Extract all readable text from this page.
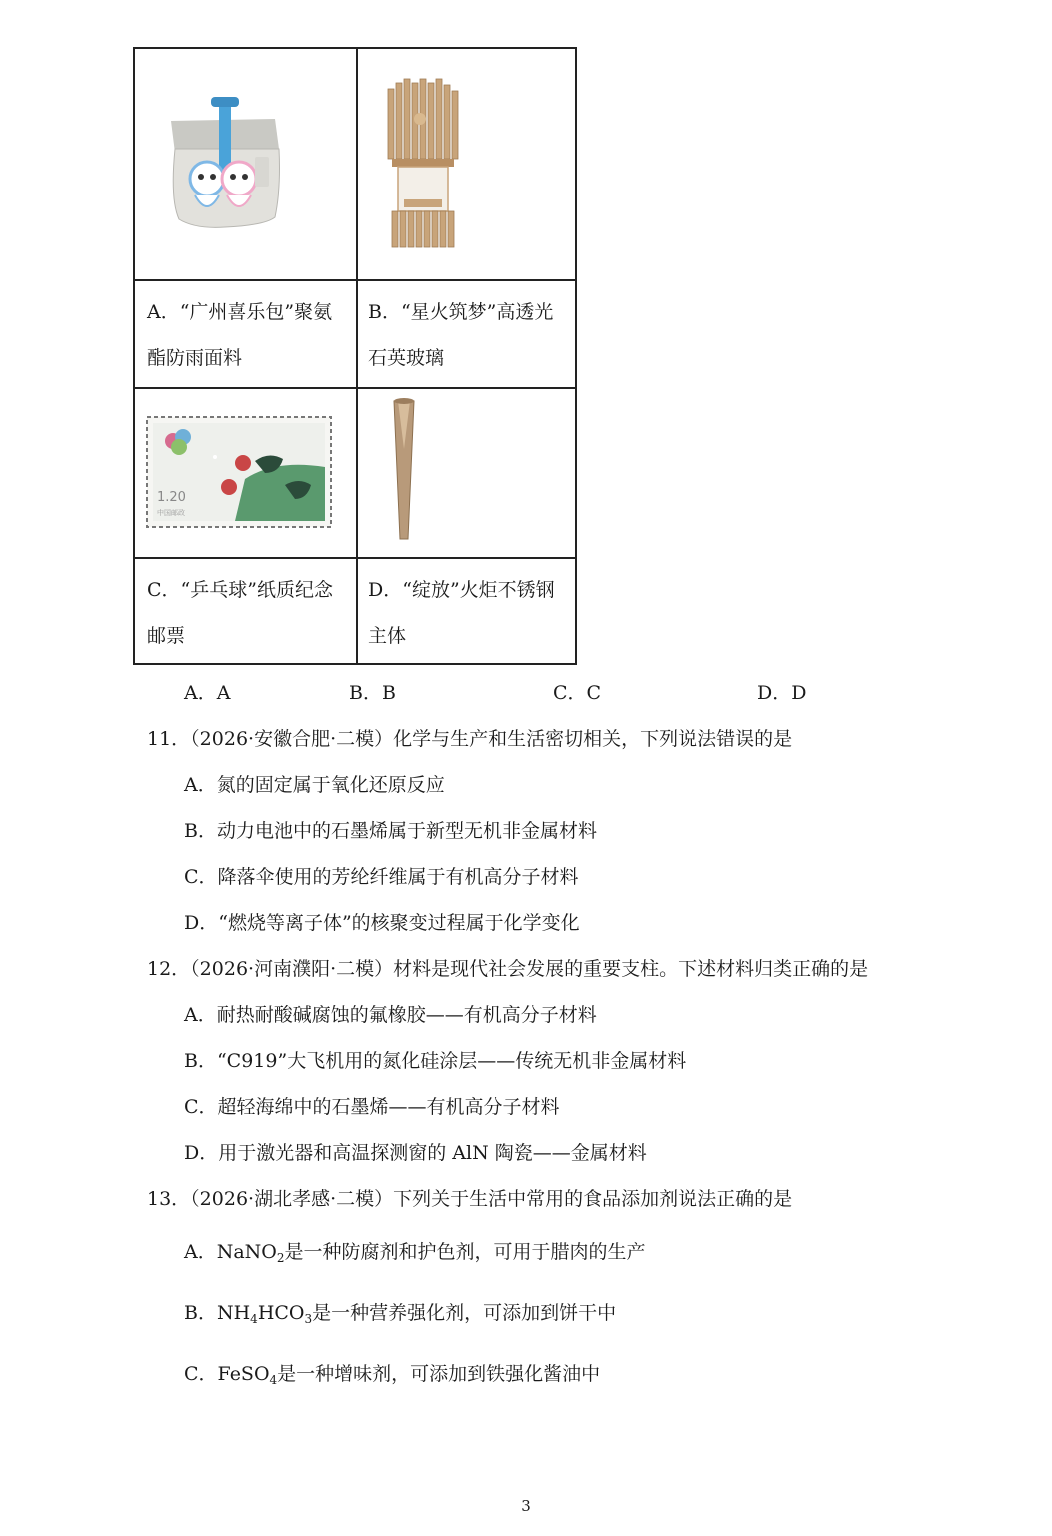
A．“广州喜乐包”聚氨
酯防雨面料
B．“星火筑梦”高透光
石英玻璃
1.20
中国邮政
C．“乒乓球”纸质纪念
邮票
D．“绽放”火炬不锈钢
主体
A．A	B．B	C．C	D．D
11．（2026·安徽合肥·二模）化学与生产和生活密切相关，下列说法错误的是
A．氮的固定属于氧化还原反应
B．动力电池中的石墨烯属于新型无机非金属材料
C．降落伞使用的芳纶纤维属于有机高分子材料
D．“燃烧等离子体”的核聚变过程属于化学变化
12．（2026·河南濮阳·二模）材料是现代社会发展的重要支柱。下述材料归类正确的是
A．耐热耐酸碱腐蚀的氟橡胶——有机高分子材料
B．“C919”大飞机用的氮化硅涂层——传统无机非金属材料
C．超轻海绵中的石墨烯——有机高分子材料
D．用于激光器和高温探测窗的 AlN 陶瓷——金属材料
13．（2026·湖北孝感·二模）下列关于生活中常用的食品添加剂说法正确的是
A．NaNO$_2$是一种防腐剂和护色剂，可用于腊肉的生产
B．$NH_4HCO_3$是一种营养强化剂，可添加到饼干中
C．FeSO$_4$是一种增味剂，可添加到铁强化酱油中
3
